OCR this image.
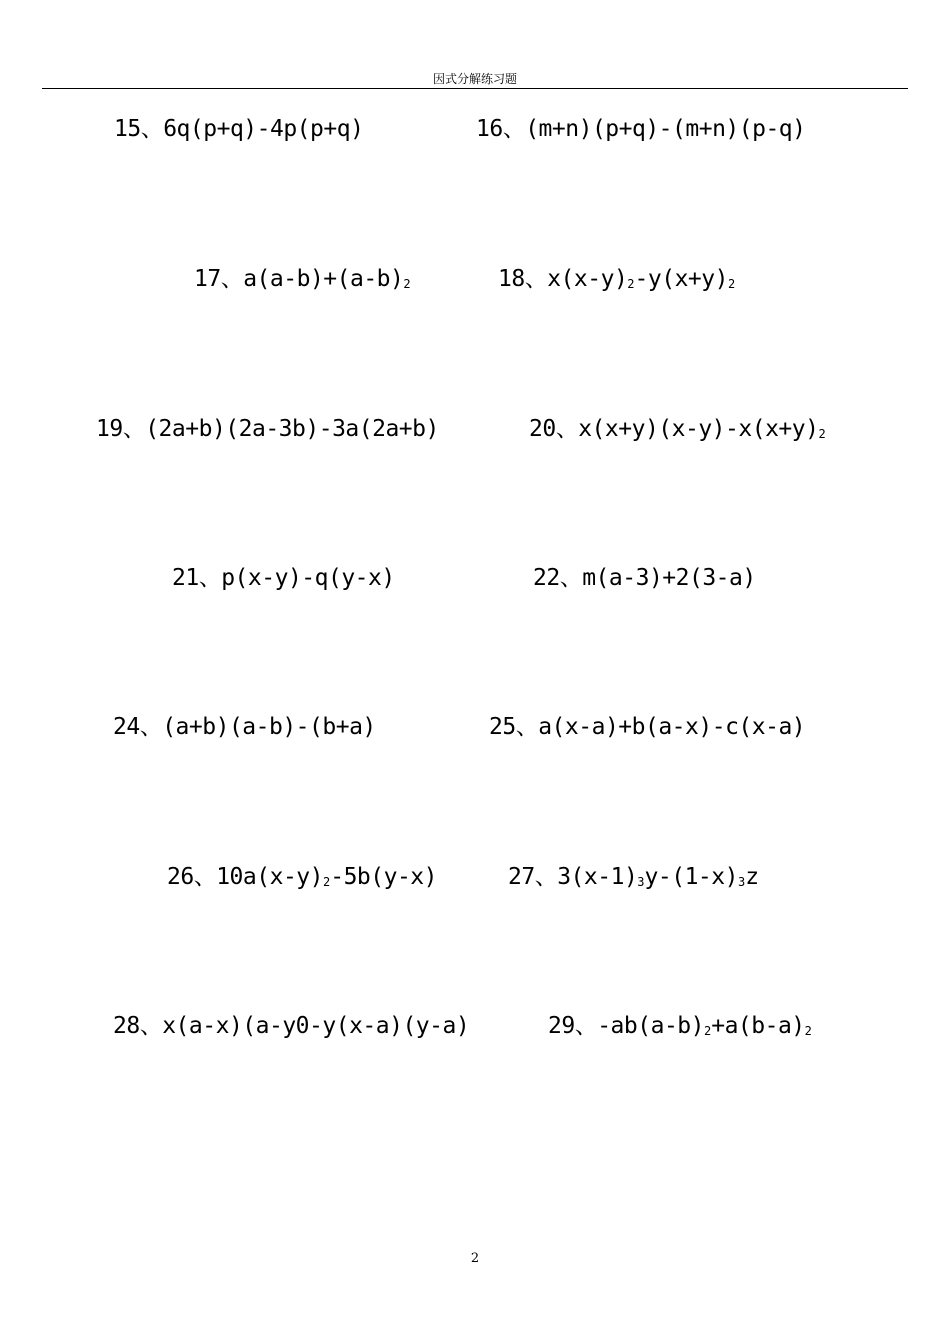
因式分解练习题
15、6q(p+q)-4p(p+q)	16、(m+n)(p+q)-(m+n)(p-q)
17、a(a-b)+(a-b)2	18、x(x-y)2-y(x+y)2
19、(2a+b)(2a-3b)-3a(2a+b)	20、x(x+y)(x-y)-x(x+y)2
21、p(x-y)-q(y-x)	22、m(a-3)+2(3-a)
24、(a+b)(a-b)-(b+a)	25、a(x-a)+b(a-x)-c(x-a)
26、10a(x-y)2-5b(y-x)	27、3(x-1)3y-(1-x)3z
28、x(a-x)(a-y0-y(x-a)(y-a)	29、-ab(a-b)2+a(b-a)2
2
